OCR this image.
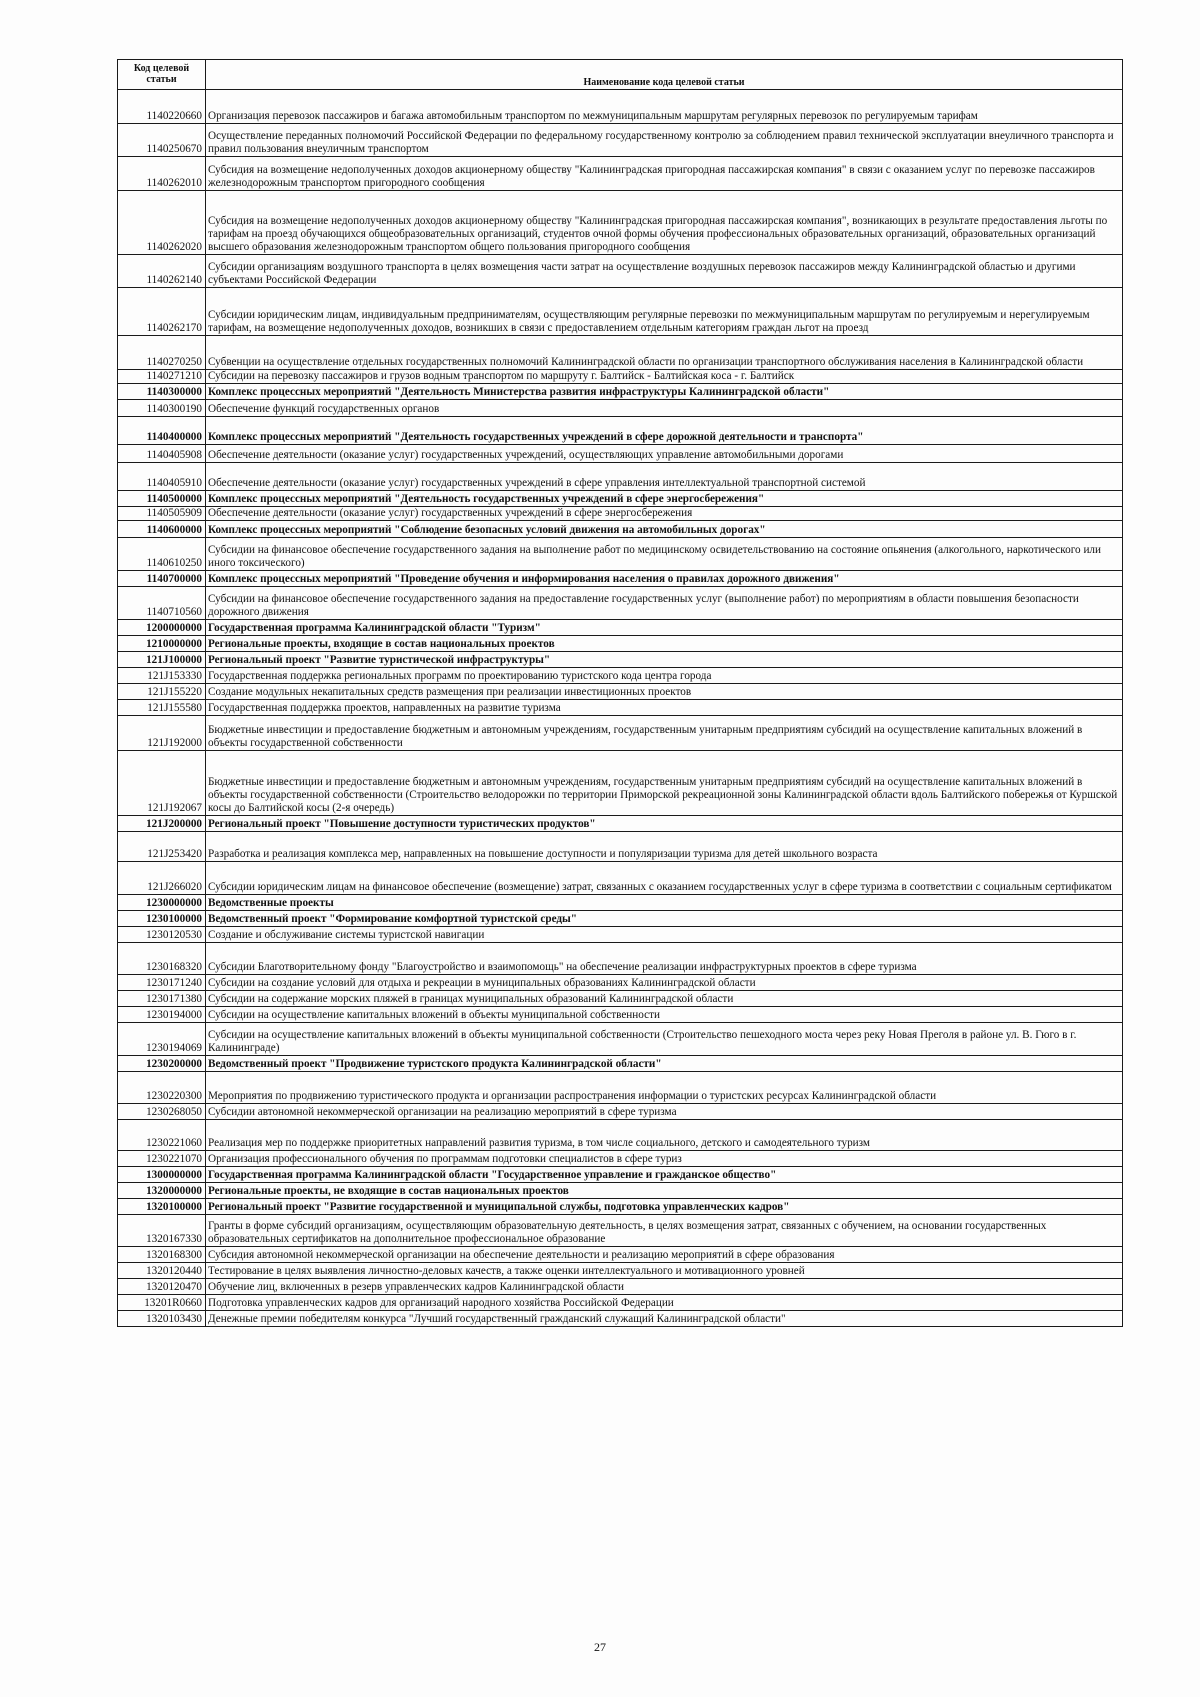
Код целевой статьи	Наименование кода целевой статьи
1140220660	Организация перевозок пассажиров и багажа автомобильным транспортом по межмуниципальным маршрутам регулярных перевозок по регулируемым тарифам
1140250670	Осуществление переданных полномочий Российской Федерации по федеральному государственному контролю за соблюдением правил технической эксплуатации внеуличного транспорта и правил пользования внеуличным транспортом
1140262010	Субсидия на возмещение недополученных доходов акционерному обществу "Калининградская пригородная пассажирская компания" в связи с оказанием услуг по перевозке пассажиров железнодорожным транспортом пригородного сообщения
1140262020	Субсидия на возмещение недополученных доходов акционерному обществу "Калининградская пригородная пассажирская компания", возникающих в результате предоставления льготы по тарифам на проезд обучающихся общеобразовательных организаций, студентов очной формы обучения профессиональных образовательных организаций, образовательных организаций высшего образования железнодорожным транспортом общего пользования пригородного сообщения
1140262140	Субсидии организациям воздушного транспорта в целях возмещения части затрат на осуществление воздушных перевозок пассажиров между Калининградской областью и другими субъектами Российской Федерации
1140262170	Субсидии юридическим лицам, индивидуальным предпринимателям, осуществляющим регулярные перевозки по межмуниципальным маршрутам по регулируемым и нерегулируемым тарифам, на возмещение недополученных доходов, возникших в связи с предоставлением отдельным категориям граждан льгот на проезд
1140270250	Субвенции на осуществление отдельных государственных полномочий Калининградской области по организации транспортного обслуживания населения в Калининградской области
1140271210	Субсидии на перевозку пассажиров и грузов водным транспортом по маршруту г. Балтийск - Балтийская коса - г. Балтийск
1140300000	Комплекс процессных мероприятий "Деятельность Министерства развития инфраструктуры Калининградской области"
1140300190	Обеспечение функций государственных органов
1140400000	Комплекс процессных мероприятий "Деятельность государственных учреждений в сфере дорожной деятельности и транспорта"
1140405908	Обеспечение деятельности (оказание услуг) государственных учреждений, осуществляющих управление автомобильными дорогами
1140405910	Обеспечение деятельности (оказание услуг) государственных учреждений в сфере управления интеллектуальной транспортной системой
1140500000	Комплекс процессных мероприятий "Деятельность государственных учреждений в сфере энергосбережения"
1140505909	Обеспечение деятельности (оказание услуг) государственных учреждений в сфере энергосбережения
1140600000	Комплекс процессных мероприятий "Соблюдение безопасных условий движения на автомобильных дорогах"
1140610250	Субсидии на финансовое обеспечение государственного задания на выполнение работ по медицинскому освидетельствованию на состояние опьянения (алкогольного, наркотического или иного токсического)
1140700000	Комплекс процессных мероприятий "Проведение обучения и информирования населения о правилах дорожного движения"
1140710560	Субсидии на финансовое обеспечение государственного задания на предоставление государственных услуг (выполнение работ) по мероприятиям в области повышения безопасности дорожного движения
1200000000	Государственная программа Калининградской области "Туризм"
1210000000	Региональные проекты, входящие в состав национальных проектов
121J100000	Региональный проект "Развитие туристической инфраструктуры"
121J153330	Государственная поддержка региональных программ по проектированию туристского кода центра города
121J155220	Создание модульных некапитальных средств размещения при реализации инвестиционных проектов
121J155580	Государственная поддержка проектов, направленных на развитие туризма
121J192000	Бюджетные инвестиции и предоставление бюджетным и автономным учреждениям, государственным унитарным предприятиям субсидий на осуществление капитальных вложений в объекты государственной собственности
121J192067	Бюджетные инвестиции и предоставление бюджетным и автономным учреждениям, государственным унитарным предприятиям субсидий на осуществление капитальных вложений в объекты государственной собственности (Строительство велодорожки по территории Приморской рекреационной зоны Калининградской области вдоль Балтийского побережья от Куршской косы до Балтийской косы (2-я очередь)
121J200000	Региональный проект "Повышение доступности туристических продуктов"
121J253420	Разработка и реализация комплекса мер, направленных на повышение доступности и популяризации туризма для детей школьного возраста
121J266020	Субсидии юридическим лицам на финансовое обеспечение (возмещение) затрат, связанных с оказанием государственных услуг в сфере туризма в соответствии с социальным сертификатом
1230000000	Ведомственные проекты
1230100000	Ведомственный проект "Формирование комфортной туристской среды"
1230120530	Создание и обслуживание системы туристской навигации
1230168320	Субсидии Благотворительному фонду "Благоустройство и взаимопомощь" на обеспечение реализации инфраструктурных проектов в сфере туризма
1230171240	Субсидии на создание условий для отдыха и рекреации в муниципальных образованиях Калининградской области
1230171380	Субсидии на содержание морских пляжей в границах муниципальных образований Калининградской области
1230194000	Субсидии на осуществление капитальных вложений в объекты муниципальной собственности
1230194069	Субсидии на осуществление капитальных вложений в объекты муниципальной собственности (Строительство пешеходного моста через реку Новая Преголя в районе ул. В. Гюго в г. Калининграде)
1230200000	Ведомственный проект "Продвижение туристского продукта Калининградской области"
1230220300	Мероприятия по продвижению туристического продукта и организации распространения информации о туристских ресурсах Калининградской области
1230268050	Субсидии автономной некоммерческой организации на реализацию мероприятий в сфере туризма
1230221060	Реализация мер по поддержке приоритетных направлений развития туризма, в том числе социального, детского и самодеятельного туризм
1230221070	Организация профессионального обучения по программам подготовки специалистов в сфере туриз
1300000000	Государственная программа Калининградской области "Государственное управление и гражданское общество"
1320000000	Региональные проекты, не входящие в состав национальных проектов
1320100000	Региональный проект "Развитие государственной и муниципальной службы, подготовка управленческих кадров"
1320167330	Гранты в форме субсидий организациям, осуществляющим образовательную деятельность, в целях возмещения затрат, связанных с обучением, на основании государственных образовательных сертификатов на дополнительное профессиональное образование
1320168300	Субсидия автономной некоммерческой организации на обеспечение деятельности и реализацию мероприятий в сфере образования
1320120440	Тестирование в целях выявления личностно-деловых качеств, а также оценки интеллектуального и мотивационного уровней
1320120470	Обучение лиц, включенных в резерв управленческих кадров Калининградской области
13201R0660	Подготовка управленческих кадров для организаций народного хозяйства Российской Федерации
1320103430	Денежные премии победителям конкурса "Лучший государственный гражданский служащий Калининградской области"
27
